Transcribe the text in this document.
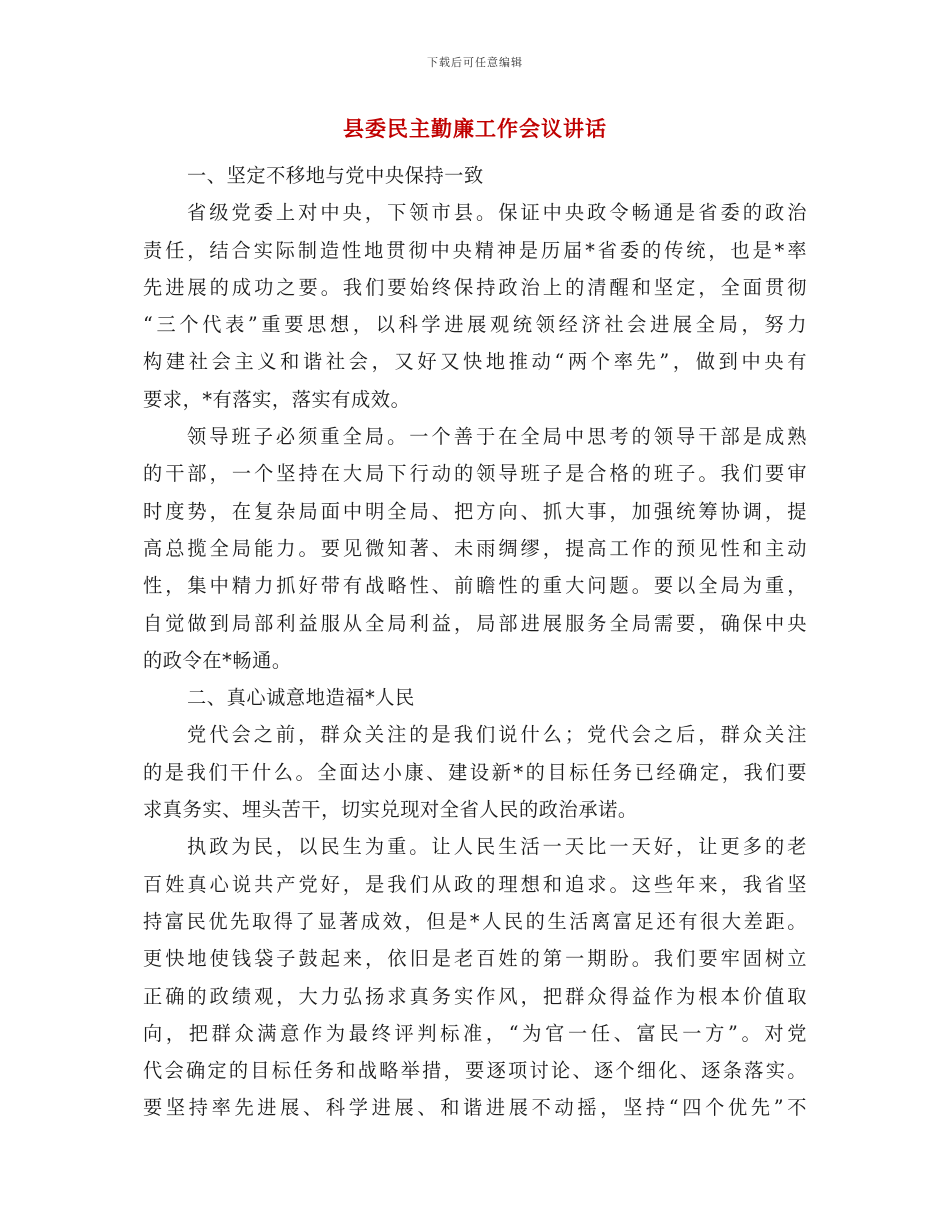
下载后可任意编辑
县委民主勤廉工作会议讲话
一、坚定不移地与党中央保持一致
省级党委上对中央，下领市县。保证中央政令畅通是省委的政治
责任，结合实际制造性地贯彻中央精神是历届*省委的传统，也是*率
先进展的成功之要。我们要始终保持政治上的清醒和坚定，全面贯彻
“三个代表”重要思想，以科学进展观统领经济社会进展全局，努力
构建社会主义和谐社会，又好又快地推动“两个率先”，做到中央有
要求，*有落实，落实有成效。
领导班子必须重全局。一个善于在全局中思考的领导干部是成熟
的干部，一个坚持在大局下行动的领导班子是合格的班子。我们要审
时度势，在复杂局面中明全局、把方向、抓大事，加强统筹协调，提
高总揽全局能力。要见微知著、未雨绸缪，提高工作的预见性和主动
性，集中精力抓好带有战略性、前瞻性的重大问题。要以全局为重，
自觉做到局部利益服从全局利益，局部进展服务全局需要，确保中央
的政令在*畅通。
二、真心诚意地造福*人民
党代会之前，群众关注的是我们说什么；党代会之后，群众关注
的是我们干什么。全面达小康、建设新*的目标任务已经确定，我们要
求真务实、埋头苦干，切实兑现对全省人民的政治承诺。
执政为民，以民生为重。让人民生活一天比一天好，让更多的老
百姓真心说共产党好，是我们从政的理想和追求。这些年来，我省坚
持富民优先取得了显著成效，但是*人民的生活离富足还有很大差距。
更快地使钱袋子鼓起来，依旧是老百姓的第一期盼。我们要牢固树立
正确的政绩观，大力弘扬求真务实作风，把群众得益作为根本价值取
向，把群众满意作为最终评判标准，“为官一任、富民一方”。对党
代会确定的目标任务和战略举措，要逐项讨论、逐个细化、逐条落实。
要坚持率先进展、科学进展、和谐进展不动摇，坚持“四个优先”不
